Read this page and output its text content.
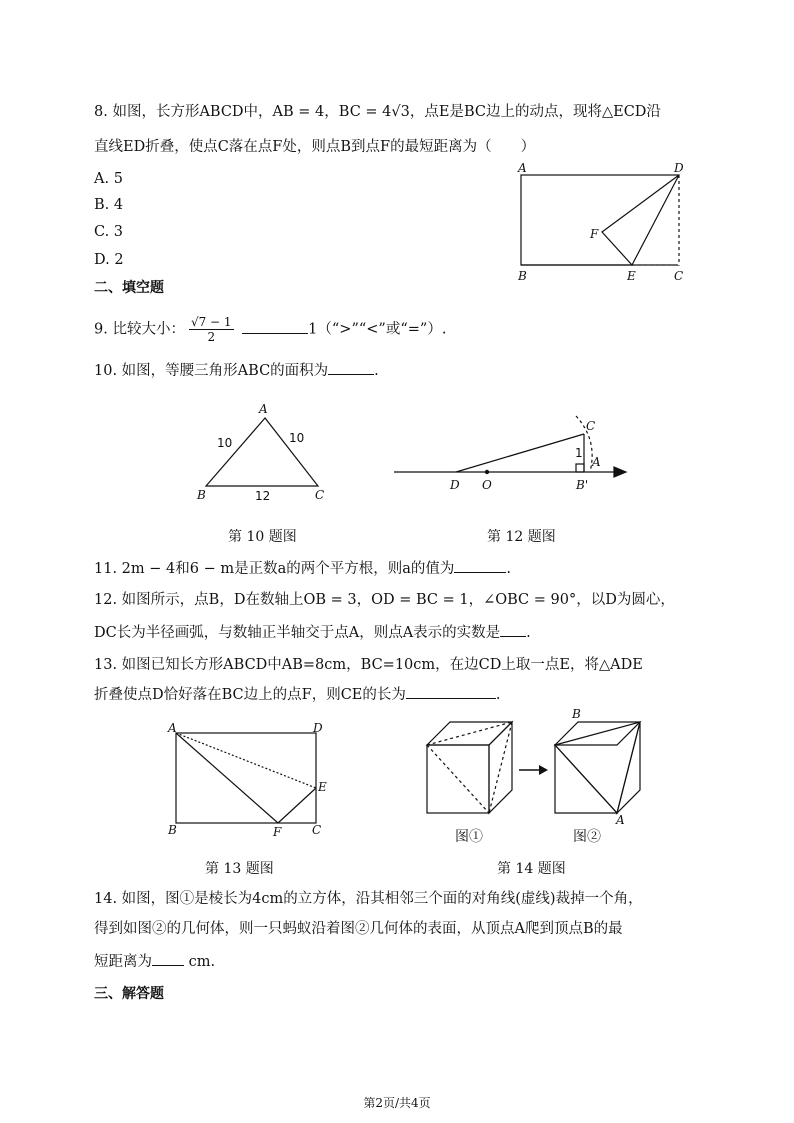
8. 如图，长方形ABCD中，AB = 4，BC = 4√3，点E是BC边上的动点，现将△ECD沿
直线ED折叠，使点C落在点F处，则点B到点F的最短距离为（　　）
A. 5
B. 4
C. 3
D. 2
二、填空题
9. 比较大小： $\frac{√7 - 1}{2}$	1（“>”“<”或“=”）.
10. 如图，等腰三角形ABC的面积为	.
A	D
F
B	E	C
A
B	C
10	10
12
C
A
D O	B'
1
A	D
E
B	F	C
B
A
图①	图②
第 10 题图	第 12 题图
第 13 题图	第 14 题图
11. 2m − 4和6 − m是正数a的两个平方根，则a的值为	.
12. 如图所示，点B，D在数轴上OB = 3，OD = BC = 1，∠OBC = 90°，以D为圆心，
DC长为半径画弧，与数轴正半轴交于点A，则点A表示的实数是 .
13. 如图已知长方形ABCD中AB=8cm，BC=10cm，在边CD上取一点E，将△ADE
折叠使点D恰好落在BC边上的点F，则CE的长为	.
14. 如图，图①是棱长为4cm的立方体，沿其相邻三个面的对角线(虚线)裁掉一个角，
得到如图②的几何体，则一只蚂蚁沿着图②几何体的表面，从顶点A爬到顶点B的最
短距离为	cm.
三、解答题
第2页/共4页
